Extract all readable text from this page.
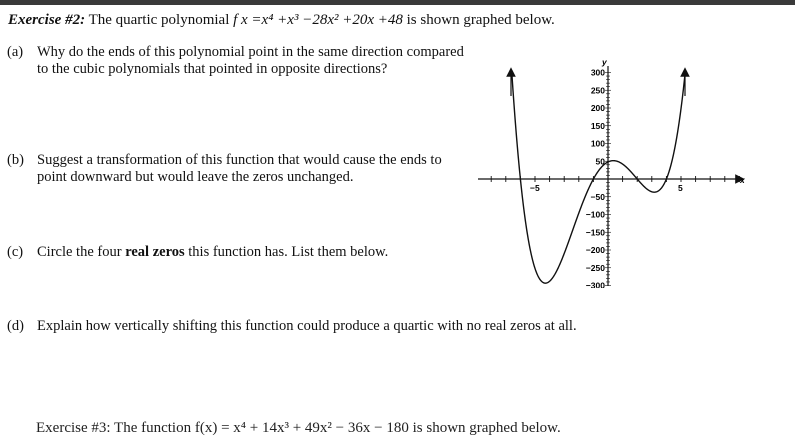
Exercise #2: The quartic polynomial f x =x⁴ +x³ −28x² +20x +48 is shown graphed below.
(a) Why do the ends of this polynomial point in the same direction compared to the cubic polynomials that pointed in opposite directions?
(b) Suggest a transformation of this function that would cause the ends to point downward but would leave the zeros unchanged.
(c) Circle the four real zeros this function has. List them below.
(d) Explain how vertically shifting this function could produce a quartic with no real zeros at all.
x
y
−5	5
300
250
200
150
100
50
−50
−100
−150
−200
−250
−300
Exercise #3: The function f(x) = x⁴ + 14x³ + 49x² − 36x − 180 is shown graphed below.
